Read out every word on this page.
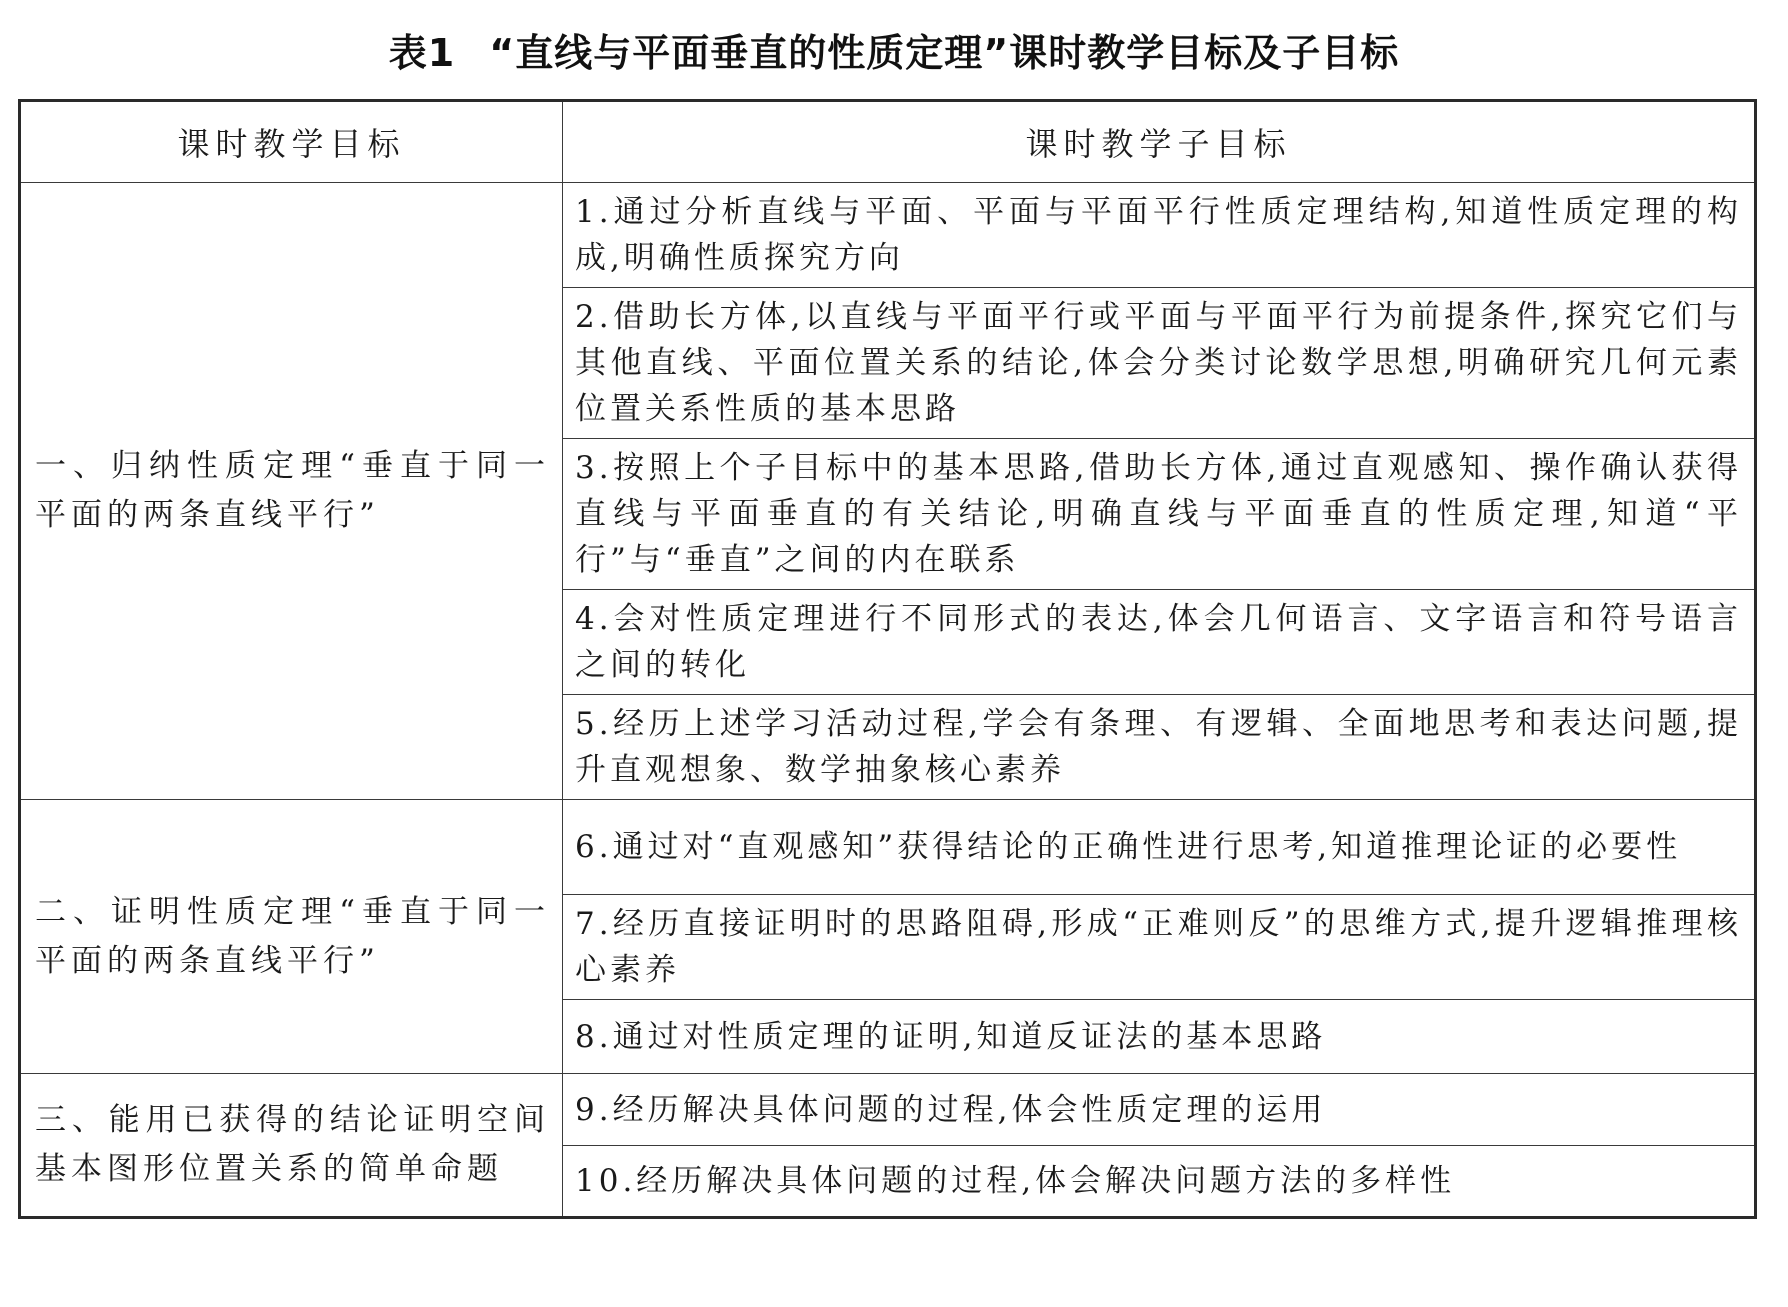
表1 “直线与平面垂直的性质定理”课时教学目标及子目标
课时教学目标	课时教学子目标
一、归纳性质定理“垂直于同一平面的两条直线平行”	1.通过分析直线与平面、平面与平面平行性质定理结构,知道性质定理的构成,明确性质探究方向
	2.借助长方体,以直线与平面平行或平面与平面平行为前提条件,探究它们与其他直线、平面位置关系的结论,体会分类讨论数学思想,明确研究几何元素位置关系性质的基本思路
	3.按照上个子目标中的基本思路,借助长方体,通过直观感知、操作确认获得直线与平面垂直的有关结论,明确直线与平面垂直的性质定理,知道“平行”与“垂直”之间的内在联系
	4.会对性质定理进行不同形式的表达,体会几何语言、文字语言和符号语言之间的转化
	5.经历上述学习活动过程,学会有条理、有逻辑、全面地思考和表达问题,提升直观想象、数学抽象核心素养
二、证明性质定理“垂直于同一平面的两条直线平行”	6.通过对“直观感知”获得结论的正确性进行思考,知道推理论证的必要性
	7.经历直接证明时的思路阻碍,形成“正难则反”的思维方式,提升逻辑推理核心素养
	8.通过对性质定理的证明,知道反证法的基本思路
三、能用已获得的结论证明空间基本图形位置关系的简单命题	9.经历解决具体问题的过程,体会性质定理的运用
	10.经历解决具体问题的过程,体会解决问题方法的多样性
